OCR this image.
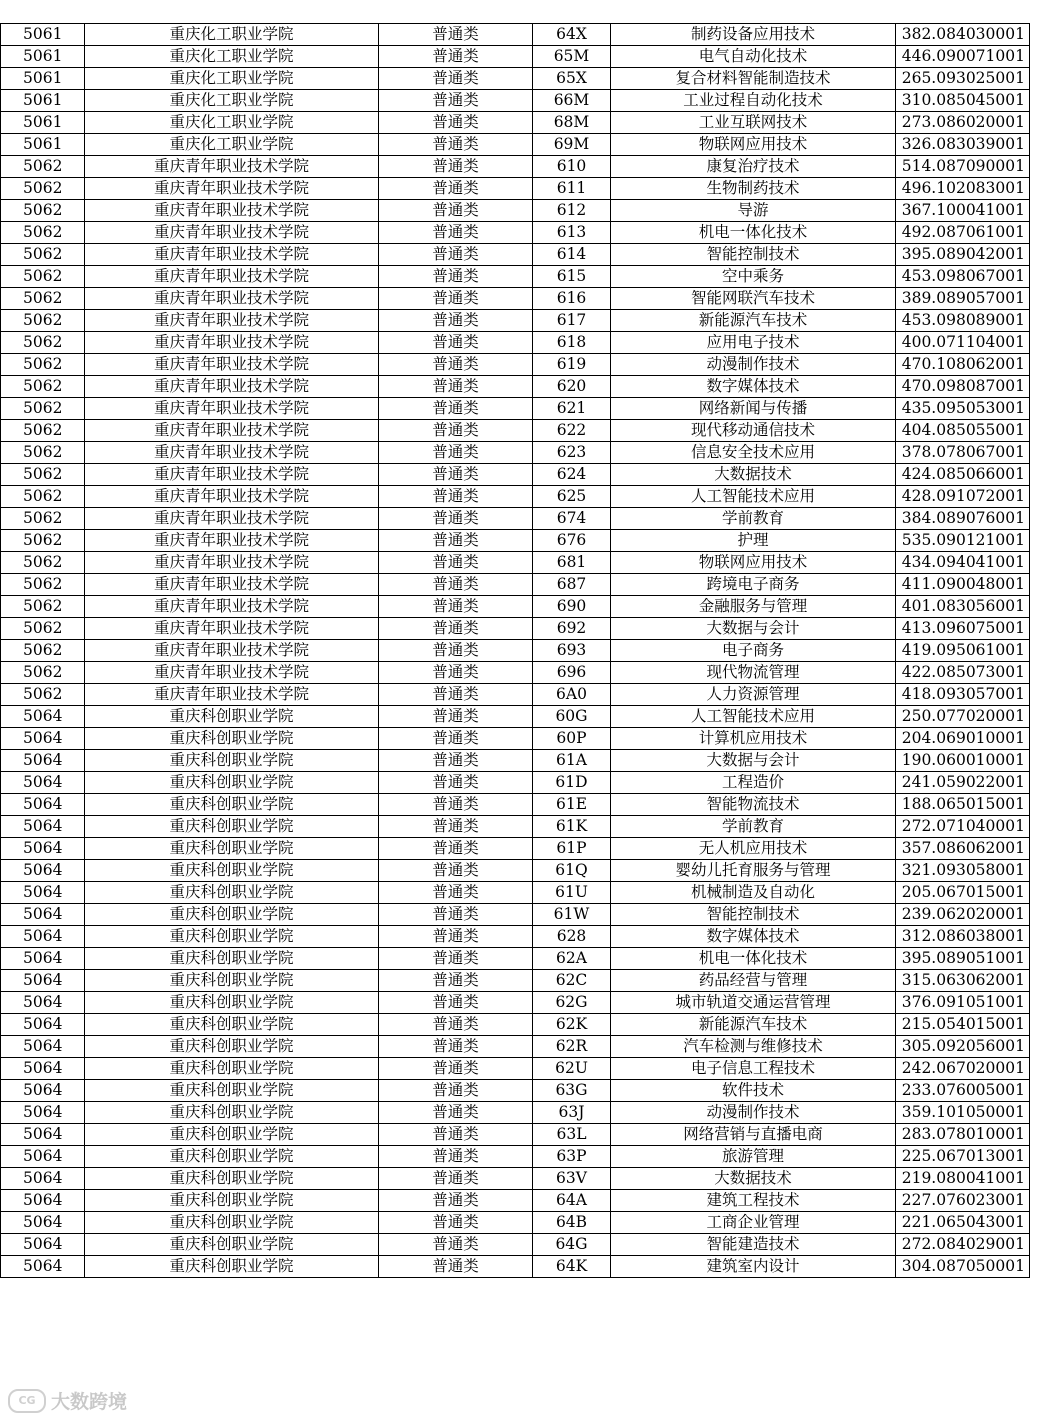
5061	重庆化工职业学院	普通类	64X	制药设备应用技术	382.084030001
5061	重庆化工职业学院	普通类	65M	电气自动化技术	446.090071001
5061	重庆化工职业学院	普通类	65X	复合材料智能制造技术	265.093025001
5061	重庆化工职业学院	普通类	66M	工业过程自动化技术	310.085045001
5061	重庆化工职业学院	普通类	68M	工业互联网技术	273.086020001
5061	重庆化工职业学院	普通类	69M	物联网应用技术	326.083039001
5062	重庆青年职业技术学院	普通类	610	康复治疗技术	514.087090001
5062	重庆青年职业技术学院	普通类	611	生物制药技术	496.102083001
5062	重庆青年职业技术学院	普通类	612	导游	367.100041001
5062	重庆青年职业技术学院	普通类	613	机电一体化技术	492.087061001
5062	重庆青年职业技术学院	普通类	614	智能控制技术	395.089042001
5062	重庆青年职业技术学院	普通类	615	空中乘务	453.098067001
5062	重庆青年职业技术学院	普通类	616	智能网联汽车技术	389.089057001
5062	重庆青年职业技术学院	普通类	617	新能源汽车技术	453.098089001
5062	重庆青年职业技术学院	普通类	618	应用电子技术	400.071104001
5062	重庆青年职业技术学院	普通类	619	动漫制作技术	470.108062001
5062	重庆青年职业技术学院	普通类	620	数字媒体技术	470.098087001
5062	重庆青年职业技术学院	普通类	621	网络新闻与传播	435.095053001
5062	重庆青年职业技术学院	普通类	622	现代移动通信技术	404.085055001
5062	重庆青年职业技术学院	普通类	623	信息安全技术应用	378.078067001
5062	重庆青年职业技术学院	普通类	624	大数据技术	424.085066001
5062	重庆青年职业技术学院	普通类	625	人工智能技术应用	428.091072001
5062	重庆青年职业技术学院	普通类	674	学前教育	384.089076001
5062	重庆青年职业技术学院	普通类	676	护理	535.090121001
5062	重庆青年职业技术学院	普通类	681	物联网应用技术	434.094041001
5062	重庆青年职业技术学院	普通类	687	跨境电子商务	411.090048001
5062	重庆青年职业技术学院	普通类	690	金融服务与管理	401.083056001
5062	重庆青年职业技术学院	普通类	692	大数据与会计	413.096075001
5062	重庆青年职业技术学院	普通类	693	电子商务	419.095061001
5062	重庆青年职业技术学院	普通类	696	现代物流管理	422.085073001
5062	重庆青年职业技术学院	普通类	6A0	人力资源管理	418.093057001
5064	重庆科创职业学院	普通类	60G	人工智能技术应用	250.077020001
5064	重庆科创职业学院	普通类	60P	计算机应用技术	204.069010001
5064	重庆科创职业学院	普通类	61A	大数据与会计	190.060010001
5064	重庆科创职业学院	普通类	61D	工程造价	241.059022001
5064	重庆科创职业学院	普通类	61E	智能物流技术	188.065015001
5064	重庆科创职业学院	普通类	61K	学前教育	272.071040001
5064	重庆科创职业学院	普通类	61P	无人机应用技术	357.086062001
5064	重庆科创职业学院	普通类	61Q	婴幼儿托育服务与管理	321.093058001
5064	重庆科创职业学院	普通类	61U	机械制造及自动化	205.067015001
5064	重庆科创职业学院	普通类	61W	智能控制技术	239.062020001
5064	重庆科创职业学院	普通类	628	数字媒体技术	312.086038001
5064	重庆科创职业学院	普通类	62A	机电一体化技术	395.089051001
5064	重庆科创职业学院	普通类	62C	药品经营与管理	315.063062001
5064	重庆科创职业学院	普通类	62G	城市轨道交通运营管理	376.091051001
5064	重庆科创职业学院	普通类	62K	新能源汽车技术	215.054015001
5064	重庆科创职业学院	普通类	62R	汽车检测与维修技术	305.092056001
5064	重庆科创职业学院	普通类	62U	电子信息工程技术	242.067020001
5064	重庆科创职业学院	普通类	63G	软件技术	233.076005001
5064	重庆科创职业学院	普通类	63J	动漫制作技术	359.101050001
5064	重庆科创职业学院	普通类	63L	网络营销与直播电商	283.078010001
5064	重庆科创职业学院	普通类	63P	旅游管理	225.067013001
5064	重庆科创职业学院	普通类	63V	大数据技术	219.080041001
5064	重庆科创职业学院	普通类	64A	建筑工程技术	227.076023001
5064	重庆科创职业学院	普通类	64B	工商企业管理	221.065043001
5064	重庆科创职业学院	普通类	64G	智能建造技术	272.084029001
5064	重庆科创职业学院	普通类	64K	建筑室内设计	304.087050001
CG 大数跨境
